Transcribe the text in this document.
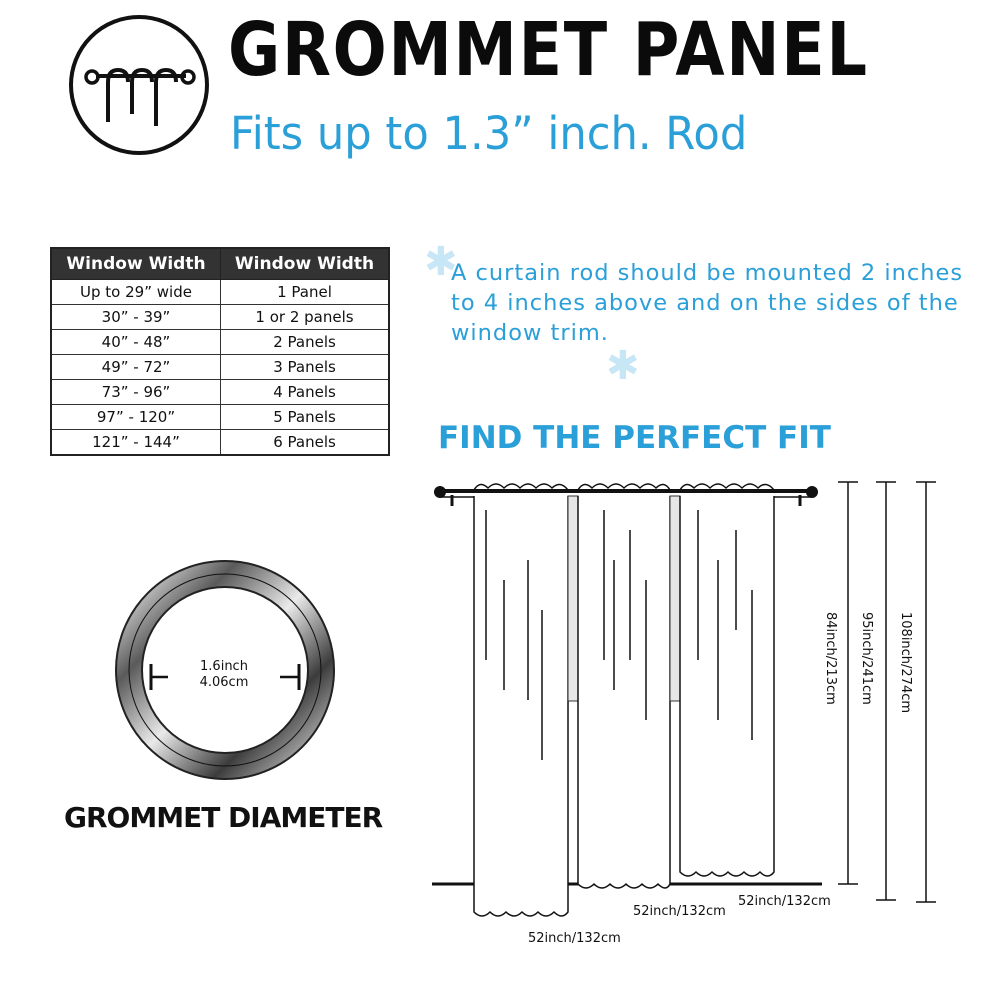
GROMMET PANEL
Fits up to 1.3” inch. Rod
Window Width	Window Width
Up to 29” wide	1 Panel
30” - 39”	1 or 2 panels
40” - 48”	2 Panels
49” - 72”	3 Panels
73” - 96”	4 Panels
97” - 120”	5 Panels
121” - 144”	6 Panels
✱
✱
A curtain rod should be mounted 2 inches to 4 inches above and on the sides of the window trim.
FIND THE PERFECT FIT
1.6inch
4.06cm
GROMMET DIAMETER
84inch/213cm 95inch/241cm 108inch/274cm
52inch/132cm
52inch/132cm
52inch/132cm
